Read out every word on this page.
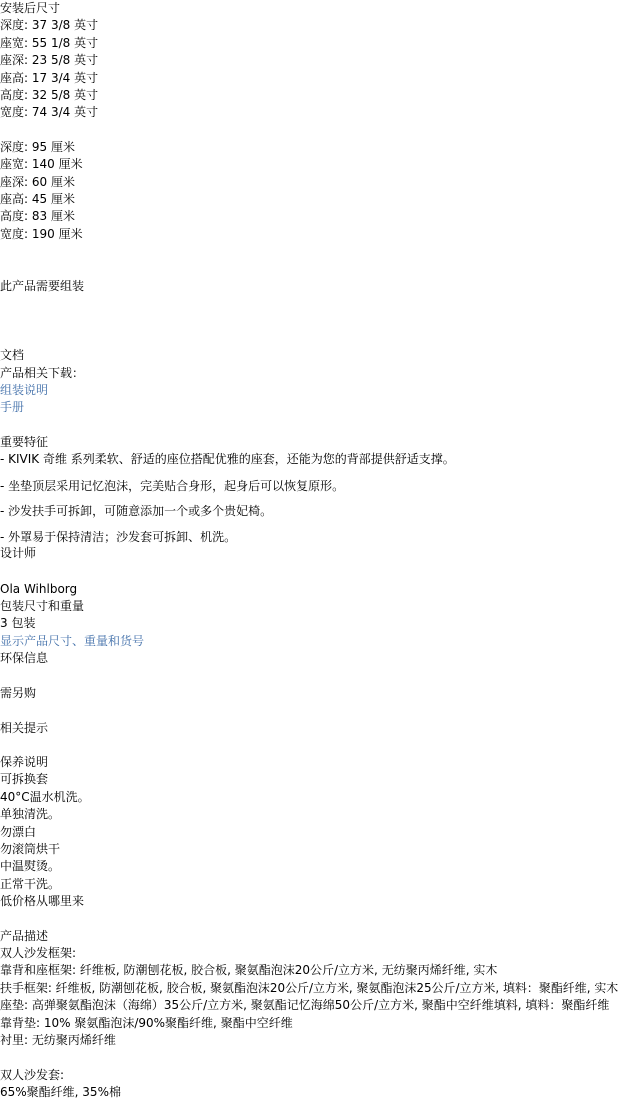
安装后尺寸
深度: 37 3/8 英寸
座宽: 55 1/8 英寸
座深: 23 5/8 英寸
座高: 17 3/4 英寸
高度: 32 5/8 英寸
宽度: 74 3/4 英寸
深度: 95 厘米
座宽: 140 厘米
座深: 60 厘米
座高: 45 厘米
高度: 83 厘米
宽度: 190 厘米
此产品需要组装
文档
产品相关下载：
组装说明
手册
重要特征
- KIVIK 奇维 系列柔软、舒适的座位搭配优雅的座套，还能为您的背部提供舒适支撑。
- 坐垫顶层采用记忆泡沫，完美贴合身形，起身后可以恢复原形。
- 沙发扶手可拆卸，可随意添加一个或多个贵妃椅。
- 外罩易于保持清洁；沙发套可拆卸、机洗。
设计师
Ola Wihlborg
包装尺寸和重量
3 包装
显示产品尺寸、重量和货号
环保信息
需另购
相关提示
保养说明
可拆换套
40°C温水机洗。
单独清洗。
勿漂白
勿滚筒烘干
中温熨烫。
正常干洗。
低价格从哪里来
产品描述
双人沙发框架:
靠背和座框架: 纤维板, 防潮刨花板, 胶合板, 聚氨酯泡沫20公斤/立方米, 无纺聚丙烯纤维, 实木
扶手框架: 纤维板, 防潮刨花板, 胶合板, 聚氨酯泡沫20公斤/立方米, 聚氨酯泡沫25公斤/立方米, 填料：聚酯纤维, 实木
座垫: 高弹聚氨酯泡沫（海绵）35公斤/立方米, 聚氨酯记忆海绵50公斤/立方米, 聚酯中空纤维填料, 填料：聚酯纤维
靠背垫: 10% 聚氨酯泡沫/90%聚酯纤维, 聚酯中空纤维
衬里: 无纺聚丙烯纤维
双人沙发套:
65%聚酯纤维, 35%棉
